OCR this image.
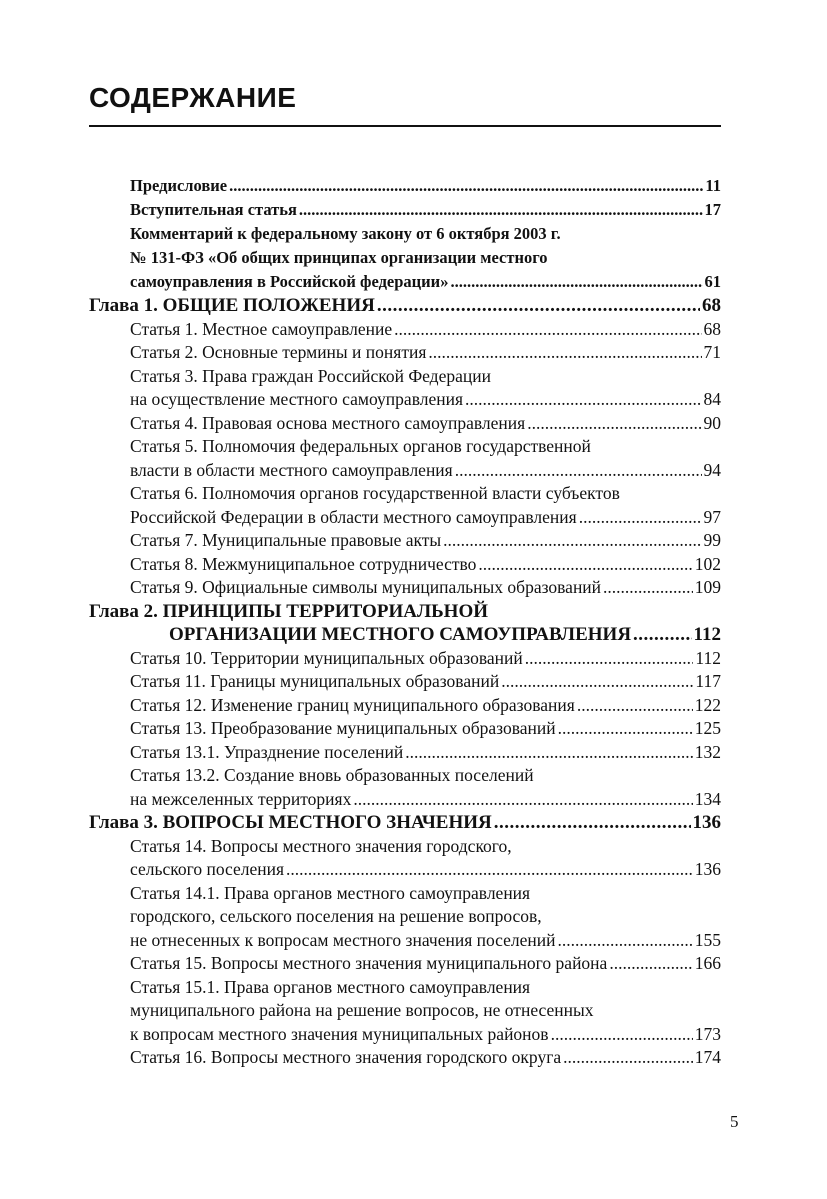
СОДЕРЖАНИЕ
Предисловие .....	11
Вступительная статья .....	17
Комментарий к федеральному закону от 6 октября 2003 г.
№ 131-ФЗ «Об общих принципах организации местного
самоуправления в Российской федерации» .....	61
Глава 1. ОБЩИЕ ПОЛОЖЕНИЯ .....	68
Статья 1. Местное самоуправление .....	68
Статья 2. Основные термины и понятия .....	71
Статья 3. Права граждан Российской Федерации
на осуществление местного самоуправления .....	84
Статья 4. Правовая основа местного самоуправления .....	90
Статья 5. Полномочия федеральных органов государственной
власти в области местного самоуправления .....	94
Статья 6. Полномочия органов государственной власти субъектов
Российской Федерации в области местного самоуправления .....	97
Статья 7. Муниципальные правовые акты .....	99
Статья 8. Межмуниципальное сотрудничество .....	102
Статья 9. Официальные символы муниципальных образований .....	109
Глава 2. ПРИНЦИПЫ ТЕРРИТОРИАЛЬНОЙ
ОРГАНИЗАЦИИ МЕСТНОГО САМОУПРАВЛЕНИЯ .....	112
Статья 10. Территории муниципальных образований .....	112
Статья 11. Границы муниципальных образований .....	117
Статья 12. Изменение границ муниципального образования .....	122
Статья 13. Преобразование муниципальных образований .....	125
Статья 13.1. Упразднение поселений .....	132
Статья 13.2. Создание вновь образованных поселений
на межселенных территориях .....	134
Глава 3. ВОПРОСЫ МЕСТНОГО ЗНАЧЕНИЯ .....	136
Статья 14. Вопросы местного значения городского,
сельского поселения .....	136
Статья 14.1. Права органов местного самоуправления
городского, сельского поселения на решение вопросов,
не отнесенных к вопросам местного значения поселений .....	155
Статья 15. Вопросы местного значения муниципального района .....	166
Статья 15.1. Права органов местного самоуправления
муниципального района на решение вопросов, не отнесенных
к вопросам местного значения муниципальных районов .....	173
Статья 16. Вопросы местного значения городского округа .....	174
5
